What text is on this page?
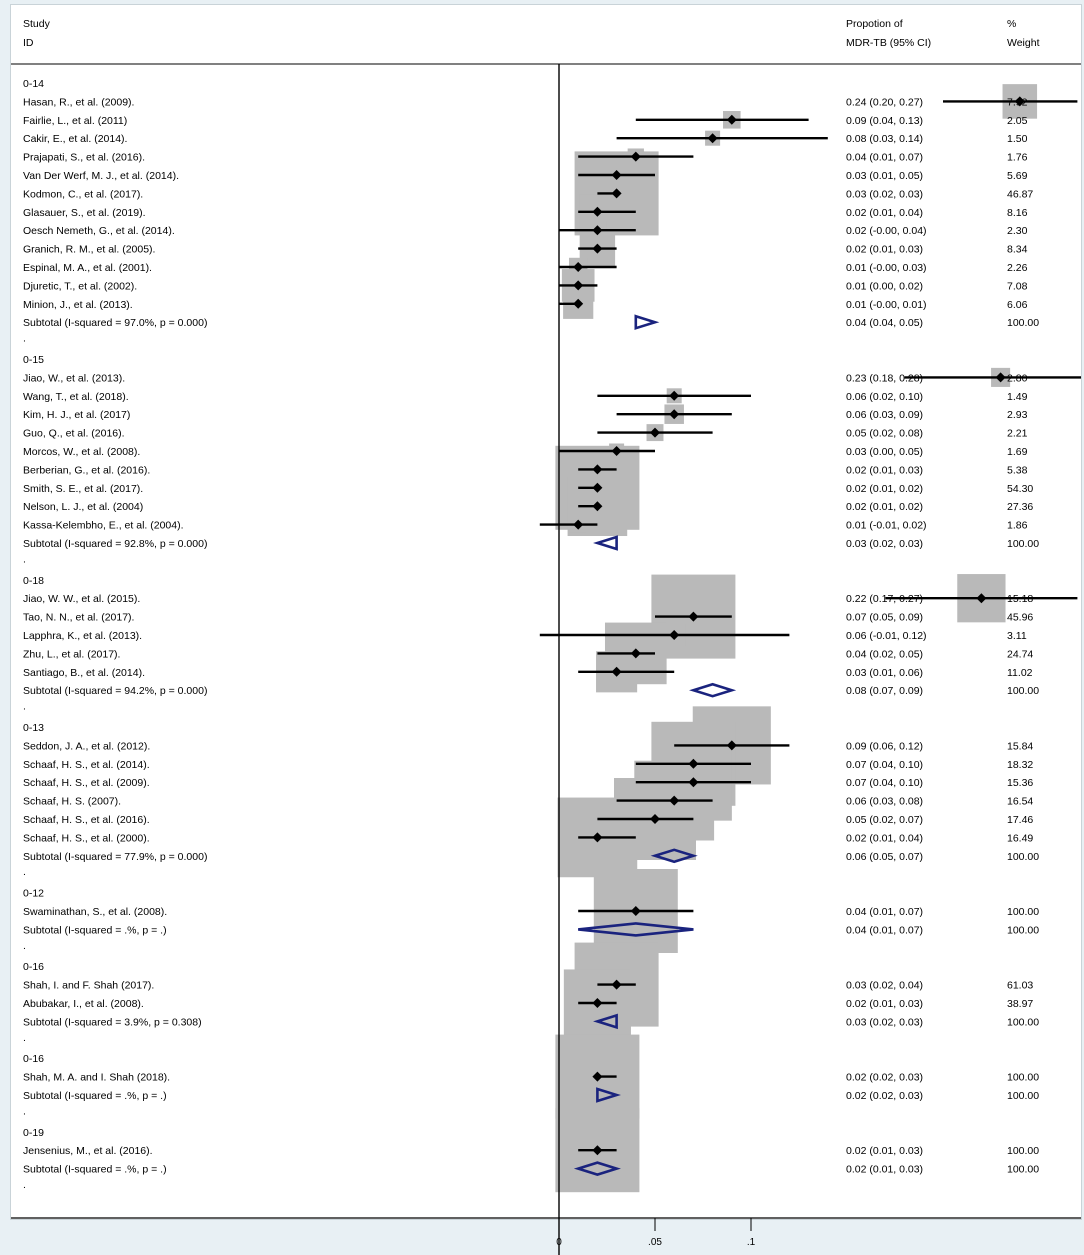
Study
ID
Propotion of
MDR-TB (95% CI)
%
Weight
0-14
Hasan, R., et al. (2009).	0.24 (0.20, 0.27)	7.92
Fairlie, L., et al. (2011)	0.09 (0.04, 0.13)	2.05
Cakir, E., et al. (2014).	0.08 (0.03, 0.14)	1.50
Prajapati, S., et al. (2016).	0.04 (0.01, 0.07)	1.76
Van Der Werf, M. J., et al. (2014).	0.03 (0.01, 0.05)	5.69
Kodmon, C., et al. (2017).	0.03 (0.02, 0.03)	46.87
Glasauer, S., et al. (2019).	0.02 (0.01, 0.04)	8.16
Oesch Nemeth, G., et al. (2014).	0.02 (-0.00, 0.04)	2.30
Granich, R. M., et al. (2005).	0.02 (0.01, 0.03)	8.34
Espinal, M. A., et al. (2001).	0.01 (-0.00, 0.03)	2.26
Djuretic, T., et al. (2002).	0.01 (0.00, 0.02)	7.08
Minion, J., et al. (2013).	0.01 (-0.00, 0.01)	6.06
Subtotal (I-squared = 97.0%, p = 0.000)	0.04 (0.04, 0.05)	100.00
.
0-15
Jiao, W., et al. (2013).	0.23 (0.18, 0.28)	2.80
Wang, T., et al. (2018).	0.06 (0.02, 0.10)	1.49
Kim, H. J., et al. (2017)	0.06 (0.03, 0.09)	2.93
Guo, Q., et al. (2016).	0.05 (0.02, 0.08)	2.21
Morcos, W., et al. (2008).	0.03 (0.00, 0.05)	1.69
Berberian, G., et al. (2016).	0.02 (0.01, 0.03)	5.38
Smith, S. E., et al. (2017).	0.02 (0.01, 0.02)	54.30
Nelson, L. J., et al. (2004)	0.02 (0.01, 0.02)	27.36
Kassa-Kelembho, E., et al. (2004).	0.01 (-0.01, 0.02)	1.86
Subtotal (I-squared = 92.8%, p = 0.000)	0.03 (0.02, 0.03)	100.00
.
0-18
Jiao, W. W., et al. (2015).	0.22 (0.17, 0.27)	15.18
Tao, N. N., et al. (2017).	0.07 (0.05, 0.09)	45.96
Lapphra, K., et al. (2013).	0.06 (-0.01, 0.12)	3.11
Zhu, L., et al. (2017).	0.04 (0.02, 0.05)	24.74
Santiago, B., et al. (2014).	0.03 (0.01, 0.06)	11.02
Subtotal (I-squared = 94.2%, p = 0.000)	0.08 (0.07, 0.09)	100.00
.
0-13
Seddon, J. A., et al. (2012).	0.09 (0.06, 0.12)	15.84
Schaaf, H. S., et al. (2014).	0.07 (0.04, 0.10)	18.32
Schaaf, H. S., et al. (2009).	0.07 (0.04, 0.10)	15.36
Schaaf, H. S. (2007).	0.06 (0.03, 0.08)	16.54
Schaaf, H. S., et al. (2016).	0.05 (0.02, 0.07)	17.46
Schaaf, H. S., et al. (2000).	0.02 (0.01, 0.04)	16.49
Subtotal (I-squared = 77.9%, p = 0.000)	0.06 (0.05, 0.07)	100.00
.
0-12
Swaminathan, S., et al. (2008).	0.04 (0.01, 0.07)	100.00
Subtotal (I-squared = .%, p = .)	0.04 (0.01, 0.07)	100.00
.
0-16
Shah, I. and F. Shah (2017).	0.03 (0.02, 0.04)	61.03
Abubakar, I., et al. (2008).	0.02 (0.01, 0.03)	38.97
Subtotal (I-squared = 3.9%, p = 0.308)	0.03 (0.02, 0.03)	100.00
.
0-16
Shah, M. A. and I. Shah (2018).	0.02 (0.02, 0.03)	100.00
Subtotal (I-squared = .%, p = .)	0.02 (0.02, 0.03)	100.00
.
0-19
Jensenius, M., et al. (2016).	0.02 (0.01, 0.03)	100.00
Subtotal (I-squared = .%, p = .)	0.02 (0.01, 0.03)	100.00
.
0	.05	.1
